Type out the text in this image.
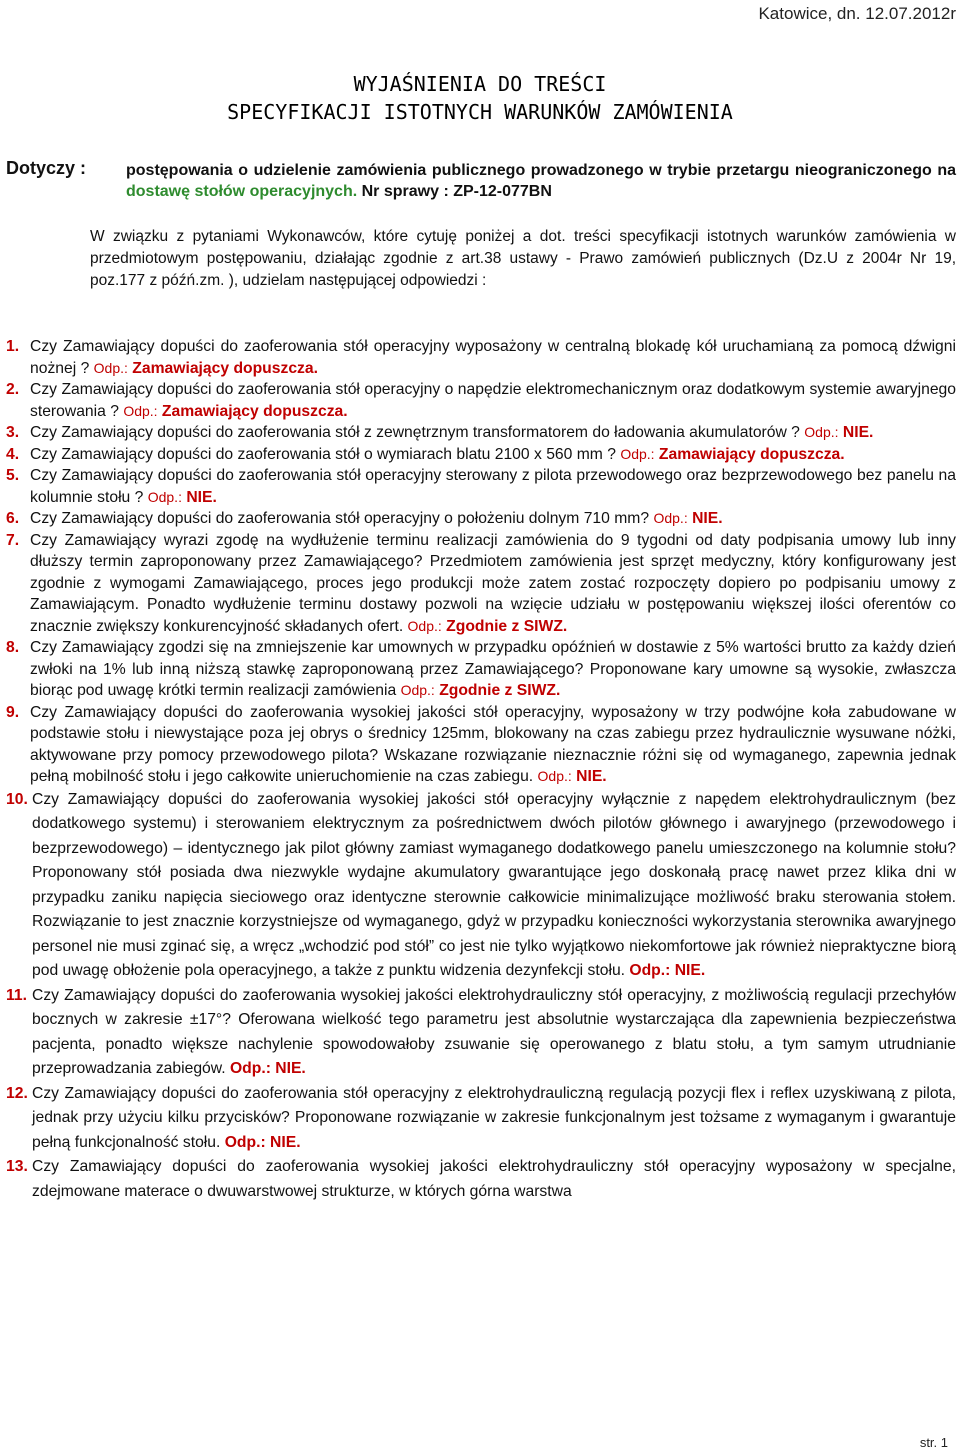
Katowice, dn. 12.07.2012r
WYJAŚNIENIA DO TREŚCI
SPECYFIKACJI ISTOTNYCH WARUNKÓW ZAMÓWIENIA
Dotyczy : postępowania o udzielenie zamówienia publicznego prowadzonego w trybie przetargu nieograniczonego na dostawę stołów operacyjnych. Nr sprawy : ZP-12-077BN
W związku z pytaniami Wykonawców, które cytuję poniżej a dot. treści specyfikacji istotnych warunków zamówienia w przedmiotowym postępowaniu, działając zgodnie z art.38 ustawy - Prawo zamówień publicznych (Dz.U z 2004r Nr 19, poz.177 z późń.zm. ), udzielam następującej odpowiedzi :
1. Czy Zamawiający dopuści do zaoferowania stół operacyjny wyposażony w centralną blokadę kół uruchamianą za pomocą dźwigni nożnej ? Odp.: Zamawiający dopuszcza.
2. Czy Zamawiający dopuści do zaoferowania stół operacyjny o napędzie elektromechanicznym oraz dodatkowym systemie awaryjnego sterowania ? Odp.: Zamawiający dopuszcza.
3. Czy Zamawiający dopuści do zaoferowania stół z zewnętrznym transformatorem do ładowania akumulatorów ? Odp.: NIE.
4. Czy Zamawiający dopuści do zaoferowania stół o wymiarach blatu 2100 x 560 mm ? Odp.: Zamawiający dopuszcza.
5. Czy Zamawiający dopuści do zaoferowania stół operacyjny sterowany z pilota przewodowego oraz bezprzewodowego bez panelu na kolumnie stołu ? Odp.: NIE.
6. Czy Zamawiający dopuści do zaoferowania stół operacyjny o położeniu dolnym 710 mm? Odp.: NIE.
7. Czy Zamawiający wyrazi zgodę na wydłużenie terminu realizacji zamówienia do 9 tygodni od daty podpisania umowy lub inny dłuższy termin zaproponowany przez Zamawiającego? Przedmiotem zamówienia jest sprzęt medyczny, który konfigurowany jest zgodnie z wymogami Zamawiającego, proces jego produkcji może zatem zostać rozpoczęty dopiero po podpisaniu umowy z Zamawiającym. Ponadto wydłużenie terminu dostawy pozwoli na wzięcie udziału w postępowaniu większej ilości oferentów co znacznie zwiększy konkurencyjność składanych ofert. Odp.: Zgodnie z SIWZ.
8. Czy Zamawiający zgodzi się na zmniejszenie kar umownych w przypadku opóźnień w dostawie z 5% wartości brutto za każdy dzień zwłoki na 1% lub inną niższą stawkę zaproponowaną przez Zamawiającego? Proponowane kary umowne są wysokie, zwłaszcza biorąc pod uwagę krótki termin realizacji zamówienia Odp.: Zgodnie z SIWZ.
9. Czy Zamawiający dopuści do zaoferowania wysokiej jakości stół operacyjny, wyposażony w trzy podwójne koła zabudowane w podstawie stołu i niewystające poza jej obrys o średnicy 125mm, blokowany na czas zabiegu przez hydraulicznie wysuwane nóżki, aktywowane przy pomocy przewodowego pilota? Wskazane rozwiązanie nieznacznie różni się od wymaganego, zapewnia jednak pełną mobilność stołu i jego całkowite unieruchomienie na czas zabiegu. Odp.: NIE.
10. Czy Zamawiający dopuści do zaoferowania wysokiej jakości stół operacyjny wyłącznie z napędem elektrohydraulicznym (bez dodatkowego systemu) i sterowaniem elektrycznym za pośrednictwem dwóch pilotów głównego i awaryjnego (przewodowego i bezprzewodowego) – identycznego jak pilot główny zamiast wymaganego dodatkowego panelu umieszczonego na kolumnie stołu? Proponowany stół posiada dwa niezwykle wydajne akumulatory gwarantujące jego doskonałą pracę nawet przez klika dni w przypadku zaniku napięcia sieciowego oraz identyczne sterownie całkowicie minimalizujące możliwość braku sterowania stołem. Rozwiązanie to jest znacznie korzystniejsze od wymaganego, gdyż w przypadku konieczności wykorzystania sterownika awaryjnego personel nie musi zginać się, a wręcz „wchodzić pod stół” co jest nie tylko wyjątkowo niekomfortowe jak również niepraktyczne biorą pod uwagę obłożenie pola operacyjnego, a także z punktu widzenia dezynfekcji stołu. Odp.: NIE.
11. Czy Zamawiający dopuści do zaoferowania wysokiej jakości elektrohydrauliczny stół operacyjny, z możliwością regulacji przechyłów bocznych w zakresie ±17°? Oferowana wielkość tego parametru jest absolutnie wystarczająca dla zapewnienia bezpieczeństwa pacjenta, ponadto większe nachylenie spowodowałoby zsuwanie się operowanego z blatu stołu, a tym samym utrudnianie przeprowadzania zabiegów. Odp.: NIE.
12. Czy Zamawiający dopuści do zaoferowania stół operacyjny z elektrohydrauliczną regulacją pozycji flex i reflex uzyskiwaną z pilota, jednak przy użyciu kilku przycisków? Proponowane rozwiązanie w zakresie funkcjonalnym jest tożsame z wymaganym i gwarantuje pełną funkcjonalność stołu. Odp.: NIE.
13. Czy Zamawiający dopuści do zaoferowania wysokiej jakości elektrohydrauliczny stół operacyjny wyposażony w specjalne, zdejmowane materace o dwuwarstwowej strukturze, w których górna warstwa
str. 1
